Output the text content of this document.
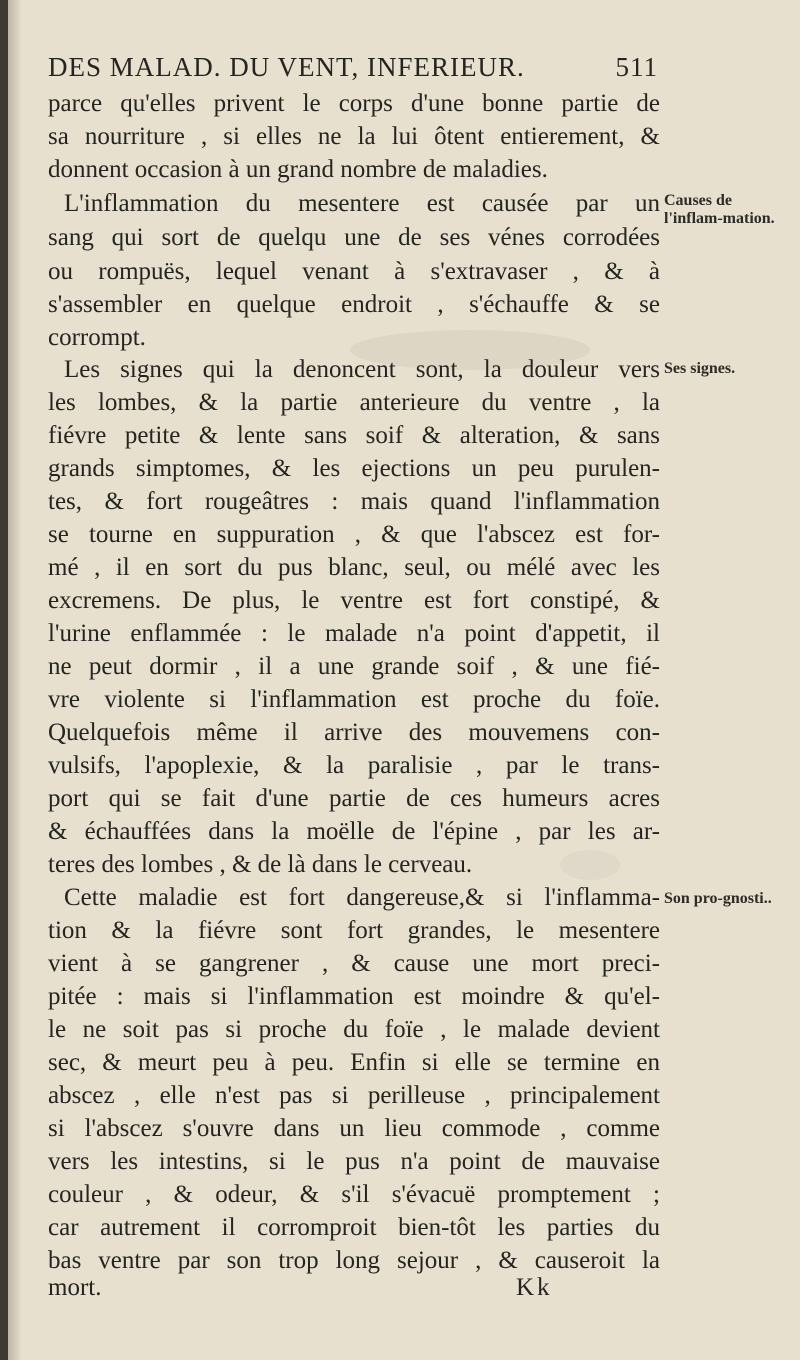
DES MALAD. DU VENT, INFERIEUR.	511
parce qu'elles privent le corps d'une bonne partie de
sa nourriture , si elles ne la lui ôtent entierement, &
donnent occasion à un grand nombre de maladies.
L'inflammation du mesentere est causée par un
sang qui sort de quelqu une de ses vénes corrodées
ou rompuës, lequel venant à s'extravaser , & à
s'assembler en quelque endroit , s'échauffe & se
corrompt.
Les signes qui la denoncent sont, la douleur vers
les lombes, & la partie anterieure du ventre , la
fiévre petite & lente sans soif & alteration, & sans
grands simptomes, & les ejections un peu purulen-
tes, & fort rougeâtres : mais quand l'inflammation
se tourne en suppuration , & que l'abscez est for-
mé , il en sort du pus blanc, seul, ou mélé avec les
excremens. De plus, le ventre est fort constipé, &
l'urine enflammée : le malade n'a point d'appetit, il
ne peut dormir , il a une grande soif , & une fié-
vre violente si l'inflammation est proche du foïe.
Quelquefois même il arrive des mouvemens con-
vulsifs, l'apoplexie, & la paralisie , par le trans-
port qui se fait d'une partie de ces humeurs acres
& échauffées dans la moëlle de l'épine , par les ar-
teres des lombes , & de là dans le cerveau.
Cette maladie est fort dangereuse,& si l'inflamma-
tion & la fiévre sont fort grandes, le mesentere
vient à se gangrener , & cause une mort preci-
pitée : mais si l'inflammation est moindre & qu'el-
le ne soit pas si proche du foïe , le malade devient
sec, & meurt peu à peu. Enfin si elle se termine en
abscez , elle n'est pas si perilleuse , principalement
si l'abscez s'ouvre dans un lieu commode , comme
vers les intestins, si le pus n'a point de mauvaise
couleur , & odeur, & s'il s'évacuë promptement ;
car autrement il corromproit bien-tôt les parties du
bas ventre par son trop long sejour , & causeroit la
mort.
Causes de l'inflam-mation.
Ses signes.
Son pro-gnosti..
Kk
